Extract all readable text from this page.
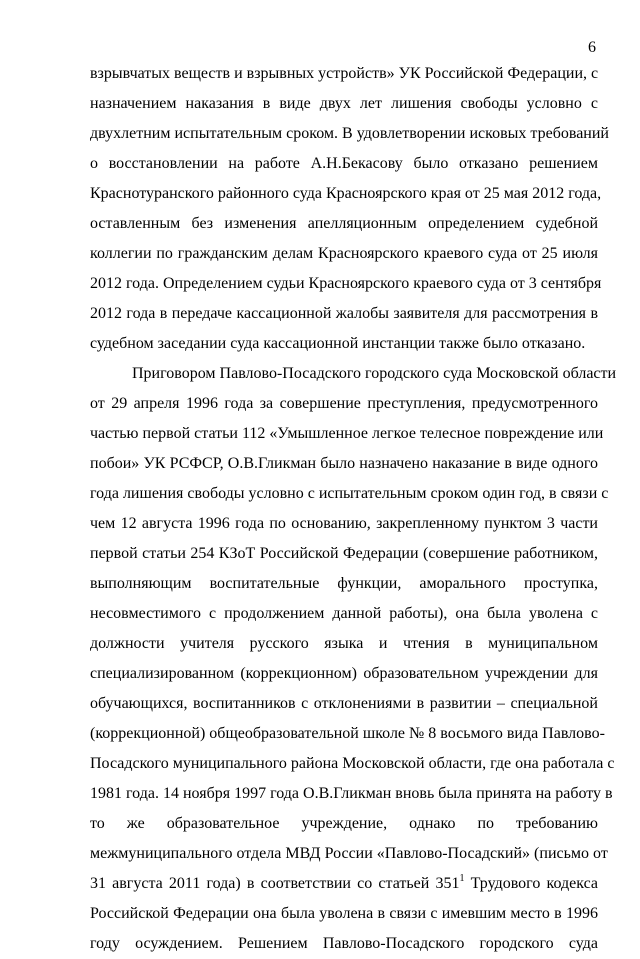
6
взрывчатых веществ и взрывных устройств» УК Российской Федерации, с
назначением наказания в виде двух лет лишения свободы условно с
двухлетним испытательным сроком. В удовлетворении исковых требований
о восстановлении на работе А.Н.Бекасову было отказано решением
Краснотуранского районного суда Красноярского края от 25 мая 2012 года,
оставленным без изменения апелляционным определением судебной
коллегии по гражданским делам Красноярского краевого суда от 25 июля
2012 года. Определением судьи Красноярского краевого суда от 3 сентября
2012 года в передаче кассационной жалобы заявителя для рассмотрения в
судебном заседании суда кассационной инстанции также было отказано.
Приговором Павлово-Посадского городского суда Московской области
от 29 апреля 1996 года за совершение преступления, предусмотренного
частью первой статьи 112 «Умышленное легкое телесное повреждение или
побои» УК РСФСР, О.В.Гликман было назначено наказание в виде одного
года лишения свободы условно с испытательным сроком один год, в связи с
чем 12 августа 1996 года по основанию, закрепленному пунктом 3 части
первой статьи 254 КЗоТ Российской Федерации (совершение работником,
выполняющим воспитательные функции, аморального проступка,
несовместимого с продолжением данной работы), она была уволена с
должности учителя русского языка и чтения в муниципальном
специализированном (коррекционном) образовательном учреждении для
обучающихся, воспитанников с отклонениями в развитии – специальной
(коррекционной) общеобразовательной школе № 8 восьмого вида Павлово-
Посадского муниципального района Московской области, где она работала с
1981 года. 14 ноября 1997 года О.В.Гликман вновь была принята на работу в
то же образовательное учреждение, однако по требованию
межмуниципального отдела МВД России «Павлово-Посадский» (письмо от
31 августа 2011 года) в соответствии со статьей $351^1$ Трудового кодекса
Российской Федерации она была уволена в связи с имевшим место в 1996
году осуждением. Решением Павлово-Посадского городского суда
